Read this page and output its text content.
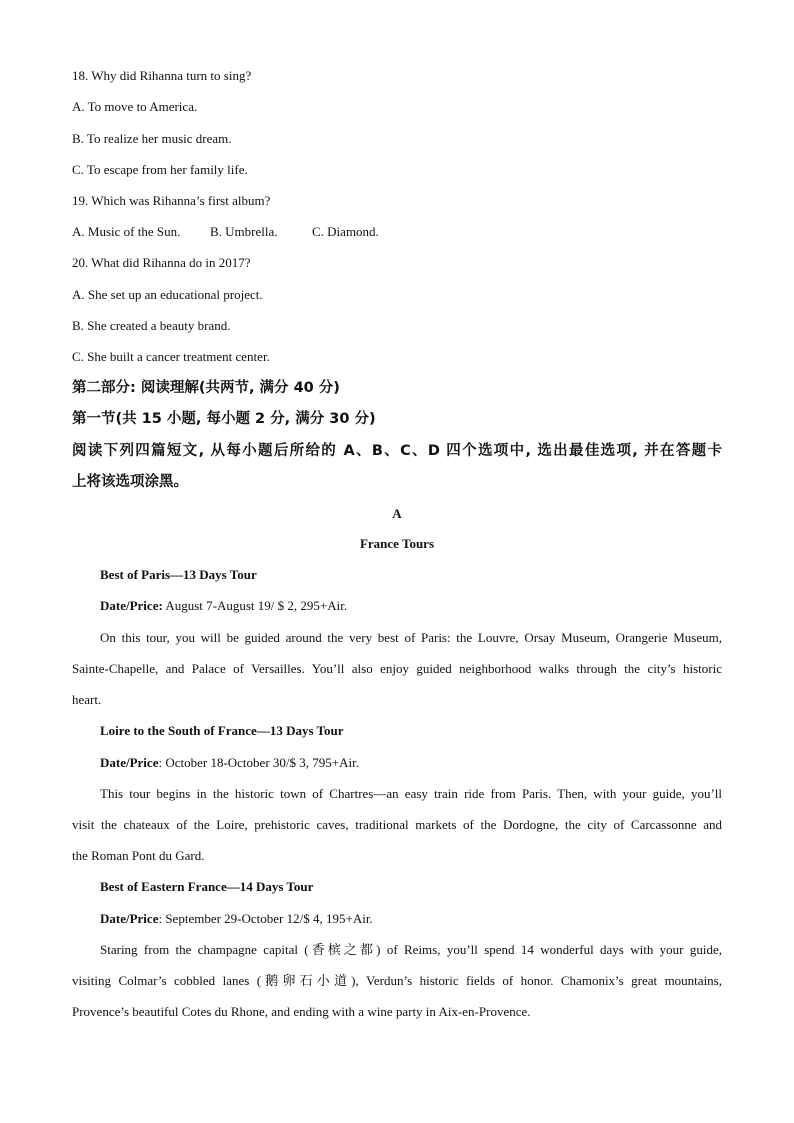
18. Why did Rihanna turn to sing?
A. To move to America.
B. To realize her music dream.
C. To escape from her family life.
19. Which was Rihanna’s first album?
A. Music of the Sun. B. Umbrella.	C. Diamond.
20. What did Rihanna do in 2017?
A. She set up an educational project.
B. She created a beauty brand.
C. She built a cancer treatment center.
第二部分: 阅读理解(共两节, 满分 40 分)
第一节(共 15 小题, 每小题 2 分, 满分 30 分)
阅读下列四篇短文, 从每小题后所给的 A、B、C、D 四个选项中, 选出最佳选项, 并在答题卡
上将该选项涂黑。
A
France Tours
Best of Paris—13 Days Tour
Date/Price: August 7-August 19/ $ 2, 295+Air.
On this tour, you will be guided around the very best of Paris: the Louvre, Orsay Museum, Orangerie Museum,
Sainte-Chapelle, and Palace of Versailles. You’ll also enjoy guided neighborhood walks through the city’s historic
heart.
Loire to the South of France—13 Days Tour
Date/Price: October 18-October 30/$ 3, 795+Air.
This tour begins in the historic town of Chartres—an easy train ride from Paris. Then, with your guide, you’ll
visit the chateaux of the Loire, prehistoric caves, traditional markets of the Dordogne, the city of Carcassonne and
the Roman Pont du Gard.
Best of Eastern France—14 Days Tour
Date/Price: September 29-October 12/$ 4, 195+Air.
Staring from the champagne capital (香槟之都) of Reims, you’ll spend 14 wonderful days with your guide,
visiting Colmar’s cobbled lanes (鹅卵石小道), Verdun’s historic fields of honor. Chamonix’s great mountains,
Provence’s beautiful Cotes du Rhone, and ending with a wine party in Aix-en-Provence.
